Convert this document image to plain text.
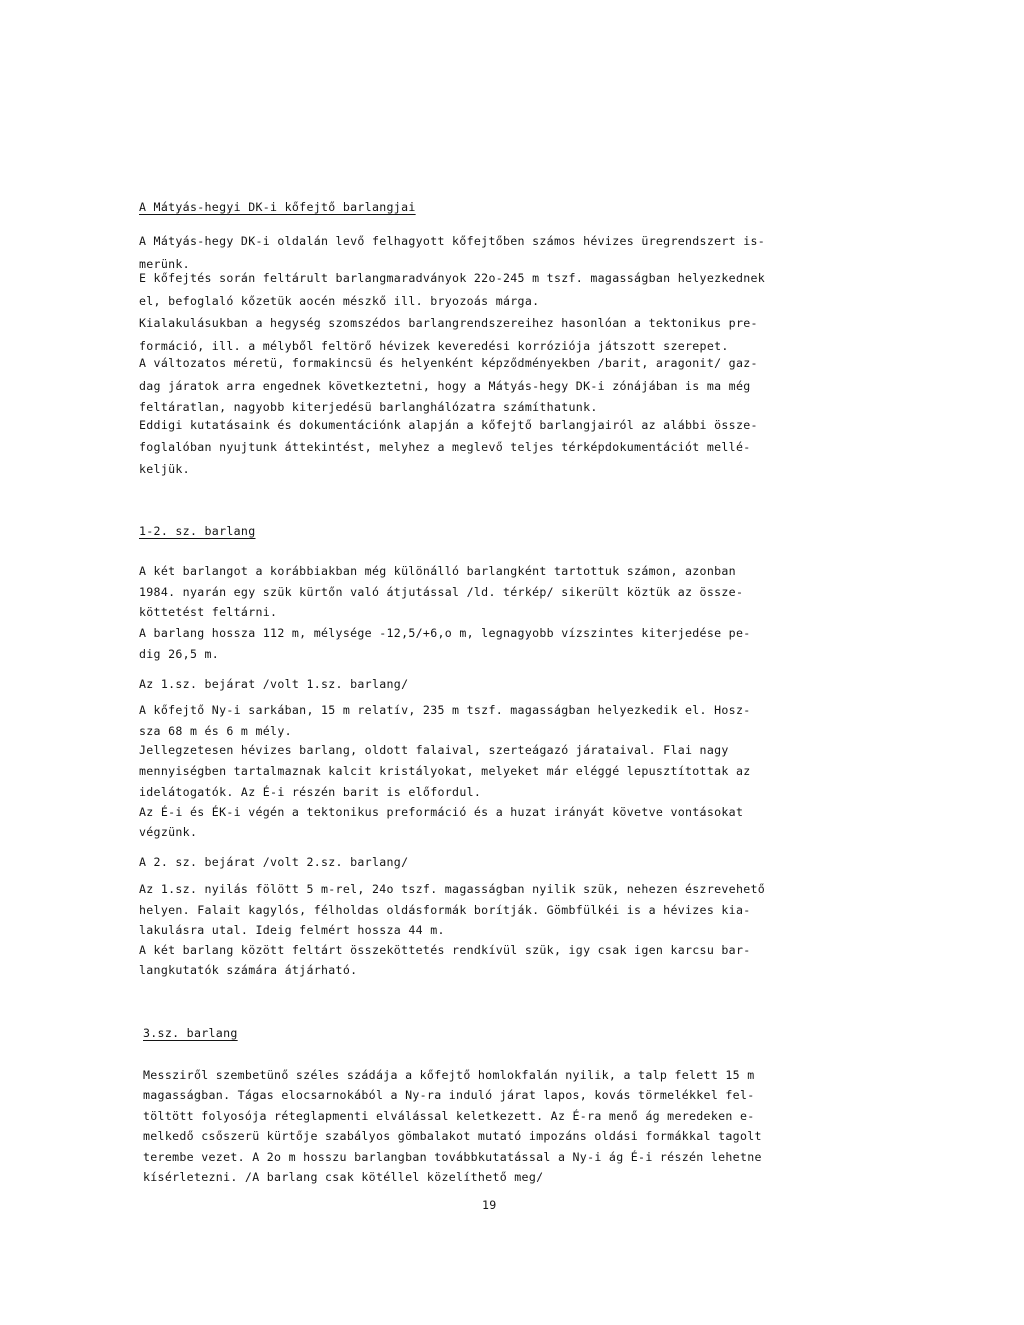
A Mátyás-hegyi DK-i kőfejtő barlangjai
A Mátyás-hegy DK-i oldalán levő felhagyott kőfejtőben számos hévizes üregrendszert is-
merünk.
E kőfejtés során feltárult barlangmaradványok 22o-245 m tszf. magasságban helyezkednek
el, befoglaló kőzetük aocén mészkő ill. bryozoás márga.
Kialakulásukban a hegység szomszédos barlangrendszereihez hasonlóan a tektonikus pre-
formáció, ill. a mélyből feltörő hévizek keveredési korróziója játszott szerepet.
A változatos méretü, formakincsü és helyenként képződményekben /barit, aragonit/ gaz-
dag járatok arra engednek következtetni, hogy a Mátyás-hegy DK-i zónájában is ma még
feltáratlan, nagyobb kiterjedésü barlanghálózatra számíthatunk.
Eddigi kutatásaink és dokumentációnk alapján a kőfejtő barlangjairól az alábbi össze-
foglalóban nyujtunk áttekintést, melyhez a meglevő teljes térképdokumentációt mellé-
keljük.
1-2. sz. barlang
A két barlangot a korábbiakban még különálló barlangként tartottuk számon, azonban
1984. nyarán egy szük kürtőn való átjutással /ld. térkép/ sikerült köztük az össze-
köttetést feltárni.
A barlang hossza 112 m, mélysége -12,5/+6,o m, legnagyobb vízszintes kiterjedése pe-
dig 26,5 m.
Az 1.sz. bejárat /volt 1.sz. barlang/
A kőfejtő Ny-i sarkában, 15 m relatív, 235 m tszf. magasságban helyezkedik el. Hosz-
sza 68 m és 6 m mély.
Jellegzetesen hévizes barlang, oldott falaival, szerteágazó járataival. Flai nagy
mennyiségben tartalmaznak kalcit kristályokat, melyeket már eléggé lepusztítottak az
idelátogatók. Az É-i részén barit is előfordul.
Az É-i és ÉK-i végén a tektonikus preformáció és a huzat irányát követve vontásokat
végzünk.
A 2. sz. bejárat /volt 2.sz. barlang/
Az 1.sz. nyilás fölött 5 m-rel, 24o tszf. magasságban nyilik szük, nehezen észrevehető
helyen. Falait kagylós, félholdas oldásformák borítják. Gömbfülkéi is a hévizes kia-
lakulásra utal. Ideig felmért hossza 44 m.
A két barlang között feltárt összeköttetés rendkívül szük, igy csak igen karcsu bar-
langkutatók számára átjárható.
3.sz. barlang
Messziről szembetünő széles szádája a kőfejtő homlokfalán nyilik, a talp felett 15 m
magasságban. Tágas elocsarnokából a Ny-ra induló járat lapos, kovás törmelékkel fel-
töltött folyosója réteglapmenti elválással keletkezett. Az É-ra menő ág meredeken e-
melkedő csőszerü kürtője szabályos gömbalakot mutató impozáns oldási formákkal tagolt
terembe vezet. A 2o m hosszu barlangban továbbkutatással a Ny-i ág É-i részén lehetne
kísérletezni. /A barlang csak kötéllel közelíthető meg/
19
